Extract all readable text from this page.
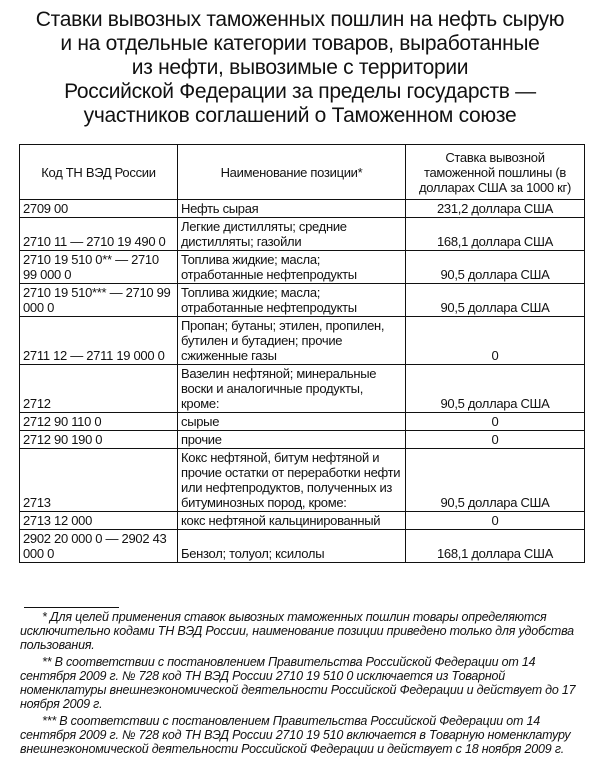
Ставки вывозных таможенных пошлин на нефть сырую
и на отдельные категории товаров, выработанные
из нефти, вывозимые с территории
Российской Федерации за пределы государств —
участников соглашений о Таможенном союзе
Код ТН ВЭД России	Наименование позиции*	Ставка вывозной таможенной пошлины (в долларах США за 1000 кг)
2709 00	Нефть сырая	231,2 доллара США
2710 11 — 2710 19 490 0	Легкие дистилляты; средние дистилляты; газойли	168,1 доллара США
2710 19 510 0** — 2710 99 000 0	Топлива жидкие; масла; отработанные нефтепродукты	90,5 доллара США
2710 19 510*** — 2710 99 000 0	Топлива жидкие; масла; отработанные нефтепродукты	90,5 доллара США
2711 12 — 2711 19 000 0	Пропан; бутаны; этилен, пропилен, бутилен и бутадиен; прочие сжиженные газы	0
2712	Вазелин нефтяной; минеральные воски и аналогичные продукты, кроме:	90,5 доллара США
2712 90 110 0	сырые	0
2712 90 190 0	прочие	0
2713	Кокс нефтяной, битум нефтяной и прочие остатки от переработки нефти или нефтепродуктов, полученных из битуминозных пород, кроме:	90,5 доллара США
2713 12 000	кокс нефтяной кальцинированный	0
2902 20 000 0 — 2902 43 000 0	Бензол; толуол; ксилолы	168,1 доллара США

* Для целей применения ставок вывозных таможенных пошлин товары определяются исключительно кодами ТН ВЭД России, наименование позиции приведено только для удобства пользования.

** В соответствии с постановлением Правительства Российской Федерации от 14 сентября 2009 г. № 728 код ТН ВЭД России 2710 19 510 0 исключается из Товарной номенклатуры внешнеэкономической деятельности Российской Федерации и действует до 17 ноября 2009 г.

*** В соответствии с постановлением Правительства Российской Федерации от 14 сентября 2009 г. № 728 код ТН ВЭД России 2710 19 510 включается в Товарную номенклатуру внешнеэкономической деятельности Российской Федерации и действует с 18 ноября 2009 г.
